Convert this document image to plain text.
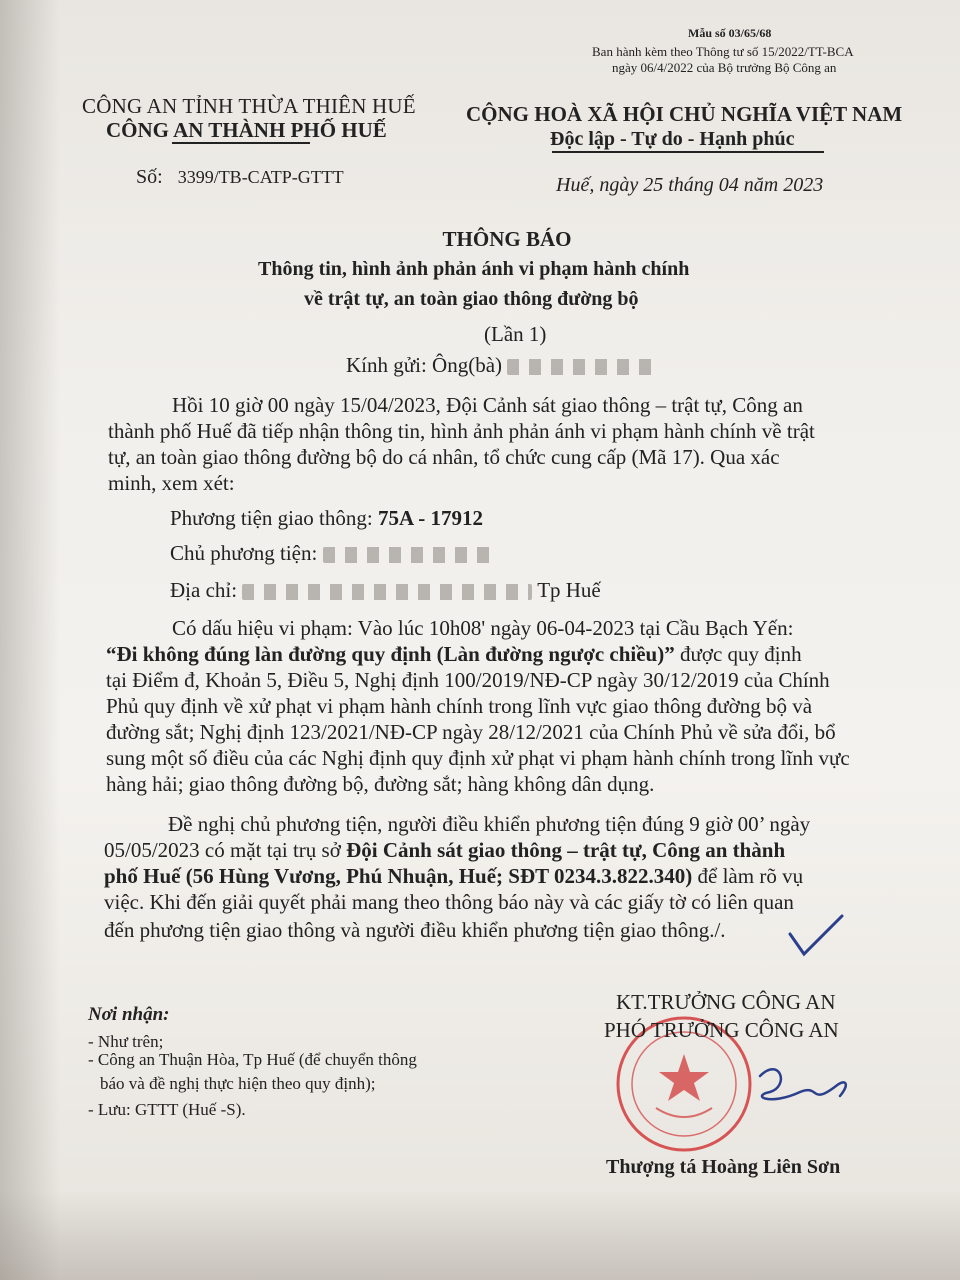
Mẫu số 03/65/68
Ban hành kèm theo Thông tư số 15/2022/TT-BCA
ngày 06/4/2022 của Bộ trưởng Bộ Công an
CÔNG AN TỈNH THỪA THIÊN HUẾ
CÔNG AN THÀNH PHỐ HUẾ
Số: 3399/TB-CATP-GTTT
CỘNG HOÀ XÃ HỘI CHỦ NGHĨA VIỆT NAM
Độc lập - Tự do - Hạnh phúc
Huế, ngày 25 tháng 04 năm 2023
THÔNG BÁO
Thông tin, hình ảnh phản ánh vi phạm hành chính
về trật tự, an toàn giao thông đường bộ
(Lần 1)
Kính gửi: Ông(bà)
Hồi 10 giờ 00 ngày 15/04/2023, Đội Cảnh sát giao thông – trật tự, Công an
thành phố Huế đã tiếp nhận thông tin, hình ảnh phản ánh vi phạm hành chính về trật
tự, an toàn giao thông đường bộ do cá nhân, tổ chức cung cấp (Mã 17). Qua xác
minh, xem xét:
Phương tiện giao thông: 75A - 17912
Chủ phương tiện:
Địa chỉ:	Tp Huế
Có dấu hiệu vi phạm: Vào lúc 10h08' ngày 06-04-2023 tại Cầu Bạch Yến:
“Đi không đúng làn đường quy định (Làn đường ngược chiều)” được quy định
tại Điểm đ, Khoản 5, Điều 5, Nghị định 100/2019/NĐ-CP ngày 30/12/2019 của Chính
Phủ quy định về xử phạt vi phạm hành chính trong lĩnh vực giao thông đường bộ và
đường sắt; Nghị định 123/2021/NĐ-CP ngày 28/12/2021 của Chính Phủ về sửa đổi, bổ
sung một số điều của các Nghị định quy định xử phạt vi phạm hành chính trong lĩnh vực
hàng hải; giao thông đường bộ, đường sắt; hàng không dân dụng.
Đề nghị chủ phương tiện, người điều khiển phương tiện đúng 9 giờ 00’ ngày
05/05/2023 có mặt tại trụ sở Đội Cảnh sát giao thông – trật tự, Công an thành
phố Huế (56 Hùng Vương, Phú Nhuận, Huế; SĐT 0234.3.822.340) để làm rõ vụ
việc. Khi đến giải quyết phải mang theo thông báo này và các giấy tờ có liên quan
đến phương tiện giao thông và người điều khiển phương tiện giao thông./.
Nơi nhận:
- Như trên;
- Công an Thuận Hòa, Tp Huế (để chuyển thông
báo và đề nghị thực hiện theo quy định);
- Lưu: GTTT (Huế -S).
KT.TRƯỞNG CÔNG AN
PHÓ TRƯỞNG CÔNG AN
Thượng tá Hoàng Liên Sơn
